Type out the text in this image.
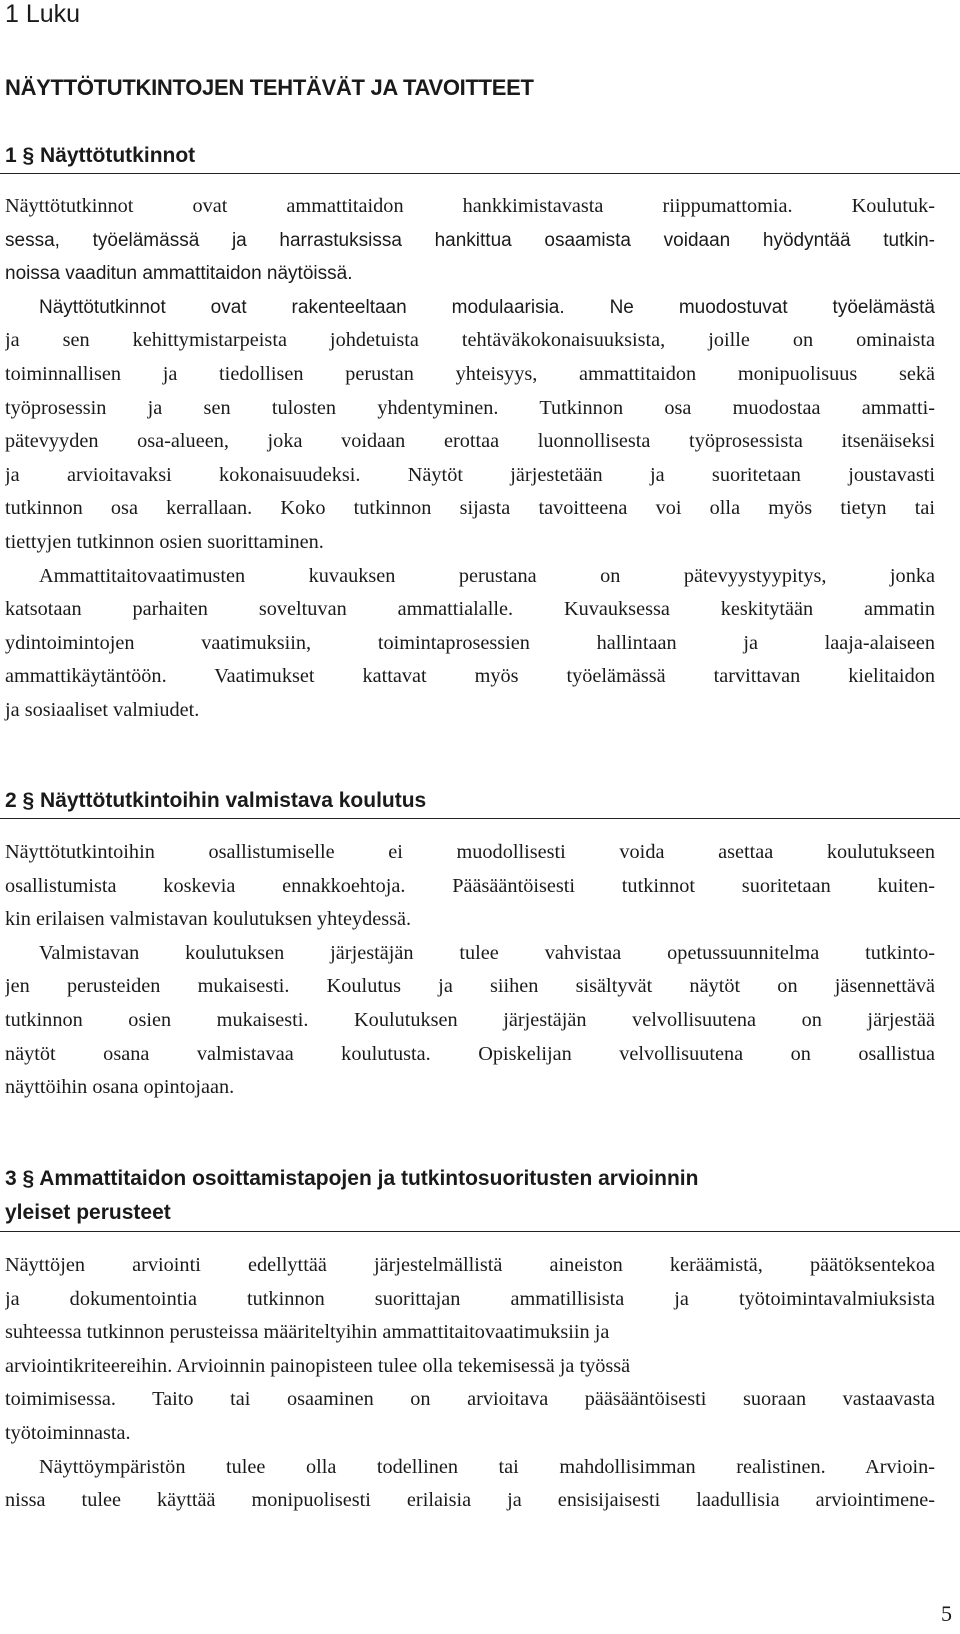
1 Luku
NÄYTTÖTUTKINTOJEN TEHTÄVÄT JA TAVOITTEET
1 § Näyttötutkinnot
Näyttötutkinnot ovat ammattitaidon hankkimistavasta riippumattomia. Koulutuk-
sessa, työelämässä ja harrastuksissa hankittua osaamista voidaan hyödyntää tutkin-
noissa vaaditun ammattitaidon näytöissä.
Näyttötutkinnot ovat rakenteeltaan modulaarisia. Ne muodostuvat työelämästä
ja sen kehittymistarpeista johdetuista tehtäväkokonaisuuksista, joille on ominaista
toiminnallisen ja tiedollisen perustan yhteisyys, ammattitaidon monipuolisuus sekä
työprosessin ja sen tulosten yhdentyminen. Tutkinnon osa muodostaa ammatti-
pätevyyden osa-alueen, joka voidaan erottaa luonnollisesta työprosessista itsenäiseksi
ja arvioitavaksi kokonaisuudeksi. Näytöt järjestetään ja suoritetaan joustavasti
tutkinnon osa kerrallaan. Koko tutkinnon sijasta tavoitteena voi olla myös tietyn tai
tiettyjen tutkinnon osien suorittaminen.
Ammattitaitovaatimusten kuvauksen perustana on pätevyystyypitys, jonka
katsotaan parhaiten soveltuvan ammattialalle. Kuvauksessa keskitytään ammatin
ydintoimintojen vaatimuksiin, toimintaprosessien hallintaan ja laaja-alaiseen
ammattikäytäntöön. Vaatimukset kattavat myös työelämässä tarvittavan kielitaidon
ja sosiaaliset valmiudet.
2 § Näyttötutkintoihin valmistava koulutus
Näyttötutkintoihin osallistumiselle ei muodollisesti voida asettaa koulutukseen
osallistumista koskevia ennakkoehtoja. Pääsääntöisesti tutkinnot suoritetaan kuiten-
kin erilaisen valmistavan koulutuksen yhteydessä.
Valmistavan koulutuksen järjestäjän tulee vahvistaa opetussuunnitelma tutkinto-
jen perusteiden mukaisesti. Koulutus ja siihen sisältyvät näytöt on jäsennettävä
tutkinnon osien mukaisesti. Koulutuksen järjestäjän velvollisuutena on järjestää
näytöt osana valmistavaa koulutusta. Opiskelijan velvollisuutena on osallistua
näyttöihin osana opintojaan.
3 § Ammattitaidon osoittamistapojen ja tutkintosuoritusten arvioinnin
yleiset perusteet
Näyttöjen arviointi edellyttää järjestelmällistä aineiston keräämistä, päätöksentekoa
ja dokumentointia tutkinnon suorittajan ammatillisista ja työtoimintavalmiuksista
suhteessa tutkinnon perusteissa määriteltyihin ammattitaitovaatimuksiin ja
arviointikriteereihin. Arvioinnin painopisteen tulee olla tekemisessä ja työssä
toimimisessa. Taito tai osaaminen on arvioitava pääsääntöisesti suoraan vastaavasta
työtoiminnasta.
Näyttöympäristön tulee olla todellinen tai mahdollisimman realistinen. Arvioin-
nissa tulee käyttää monipuolisesti erilaisia ja ensisijaisesti laadullisia arviointimene-
5
